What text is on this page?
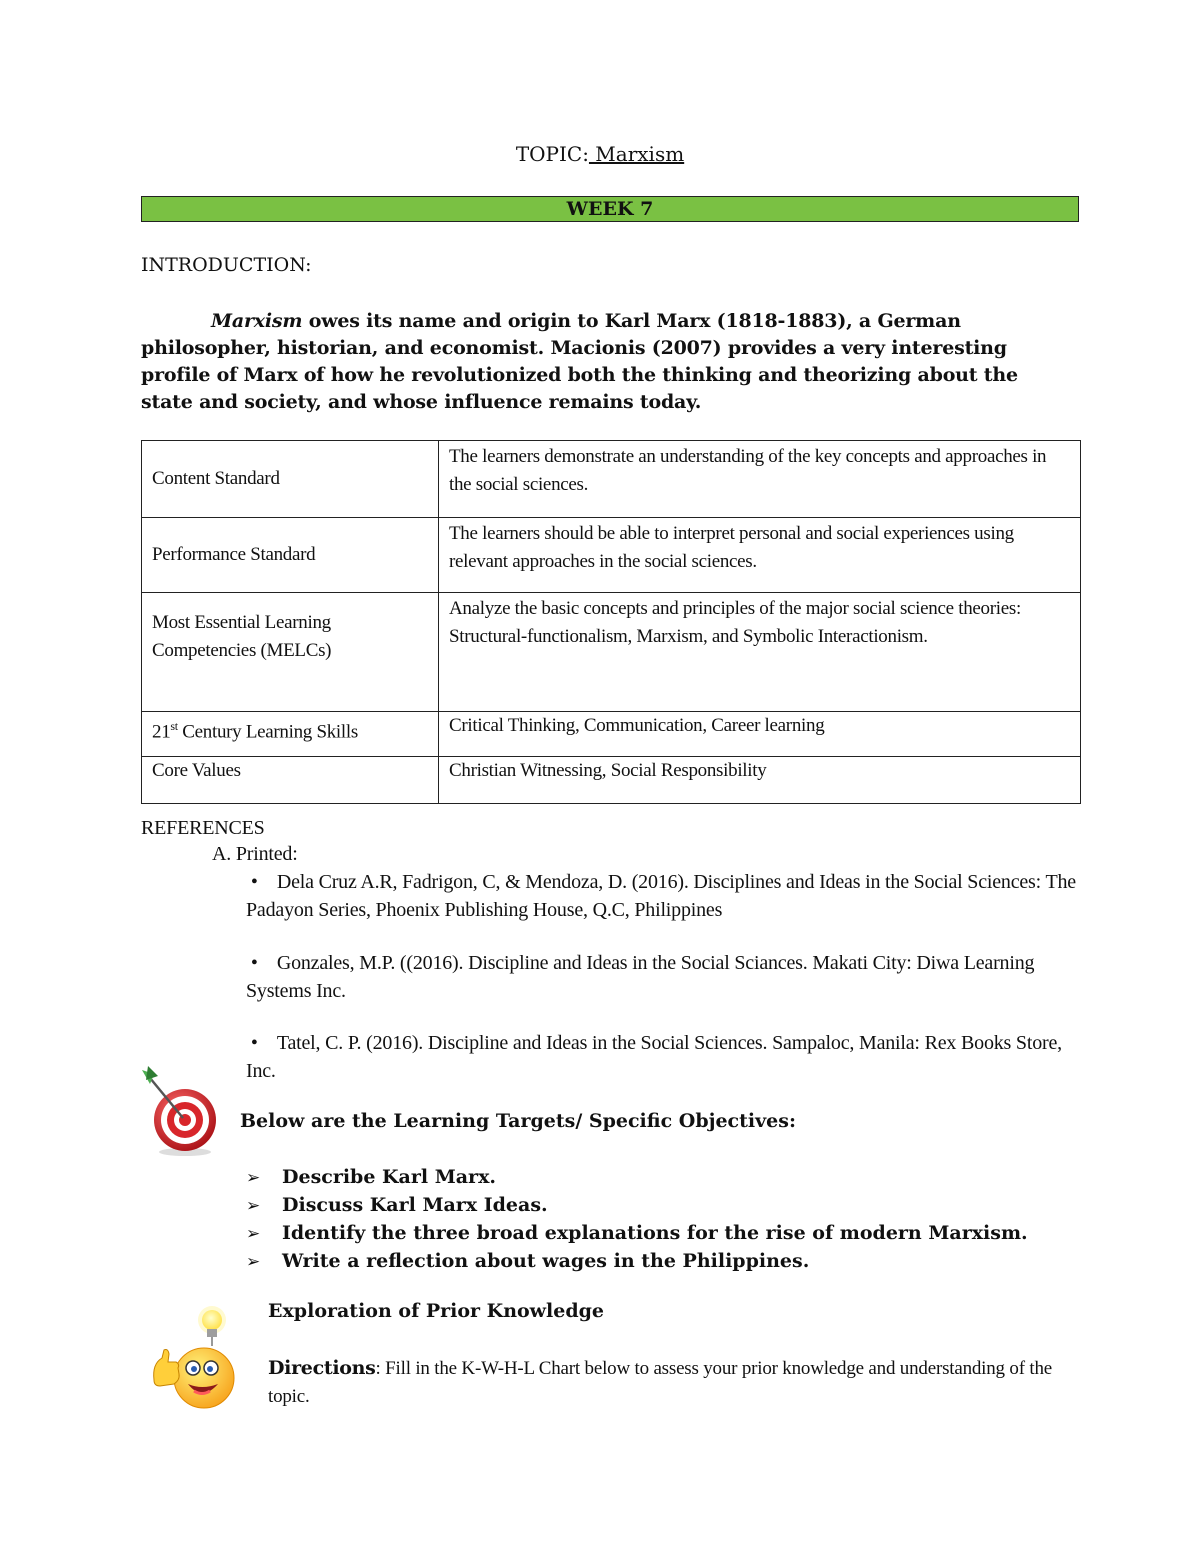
TOPIC: Marxism
WEEK 7
INTRODUCTION:
Marxism owes its name and origin to Karl Marx (1818-1883), a German philosopher, historian, and economist. Macionis (2007) provides a very interesting profile of Marx of how he revolutionized both the thinking and theorizing about the state and society, and whose influence remains today.
Content Standard	The learners demonstrate an understanding of the key concepts and approaches in the social sciences.
Performance Standard	The learners should be able to interpret personal and social experiences using relevant approaches in the social sciences.
Most Essential Learning Competencies (MELCs)	Analyze the basic concepts and principles of the major social science theories: Structural-functionalism, Marxism, and Symbolic Interactionism.
21st Century Learning Skills	Critical Thinking, Communication, Career learning
Core Values	Christian Witnessing, Social Responsibility
REFERENCES
A. Printed:
• Dela Cruz A.R, Fadrigon, C, & Mendoza, D. (2016). Disciplines and Ideas in the Social Sciences: The Padayon Series, Phoenix Publishing House, Q.C, Philippines
• Gonzales, M.P. ((2016). Discipline and Ideas in the Social Sciances. Makati City: Diwa Learning Systems Inc.
• Tatel, C. P. (2016). Discipline and Ideas in the Social Sciences. Sampaloc, Manila: Rex Books Store, Inc.
Below are the Learning Targets/ Specific Objectives:
➢	Describe Karl Marx.
➢	Discuss Karl Marx Ideas.
➢	Identify the three broad explanations for the rise of modern Marxism.
➢	Write a reflection about wages in the Philippines.
Exploration of Prior Knowledge
Directions: Fill in the K-W-H-L Chart below to assess your prior knowledge and understanding of the topic.
